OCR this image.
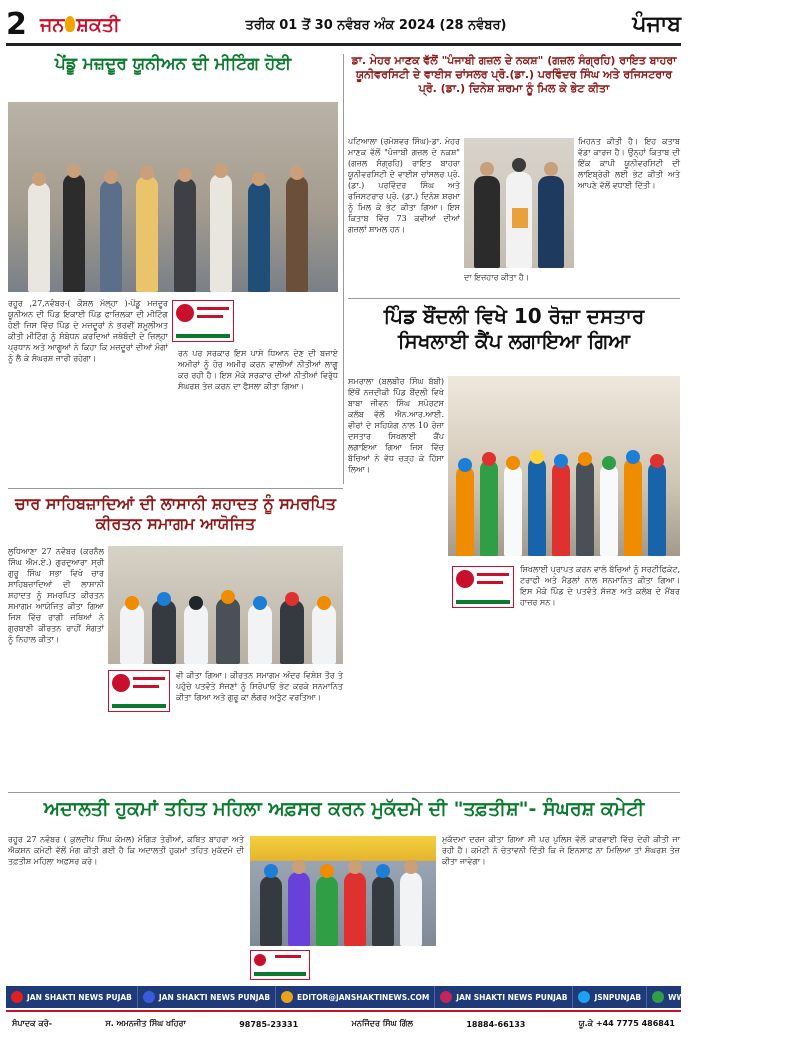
2 ਜਨ ਸ਼ਕਤੀ	ਤਰੀਕ 01 ਤੋਂ 30 ਨਵੰਬਰ ਅੰਕ 2024 (28 ਨਵੰਬਰ)	ਪੰਜਾਬ
ਪੇਂਡੂ ਮਜ਼ਦੂਰ ਯੂਨੀਅਨ ਦੀ ਮੀਟਿੰਗ ਹੋਈ
ਰਹੂਰ ,27,ਨਵੰਬਰ-( ਕੌਸ਼ਲ ਮੱਲ੍ਹਾ )-ਪੇਂਡੂ ਮਜ਼ਦੂਰ ਯੂਨੀਅਨ ਦੀ ਪਿੰਡ ਇਕਾਈ ਪਿੰਡ ਫਾਜ਼ਿਲਕਾ ਦੀ ਮੀਟਿੰਗ ਹੋਈ ਜਿਸ ਵਿੱਚ ਪਿੰਡ ਦੇ ਮਜ਼ਦੂਰਾਂ ਨੇ ਭਰਵੀਂ ਸ਼ਮੂਲੀਅਤ ਕੀਤੀ ਮੀਟਿੰਗ ਨੂੰ ਸੰਬੋਧਨ ਕਰਦਿਆਂ ਜਥੇਬੰਦੀ ਦੇ ਜ਼ਿਲ੍ਹਾ ਪ੍ਰਧਾਨ ਅਤੇ ਆਗੂਆਂ ਨੇ ਕਿਹਾ ਕਿ ਮਜ਼ਦੂਰਾਂ ਦੀਆਂ ਮੰਗਾਂ ਨੂੰ ਲੈ ਕੇ ਸੰਘਰਸ਼ ਜਾਰੀ ਰਹੇਗਾ।
ਰਨ ਪਰ ਸਰਕਾਰ ਇਸ ਪਾਸੇ ਧਿਆਨ ਦੇਣ ਦੀ ਬਜਾਏ ਅਮੀਰਾਂ ਨੂੰ ਹੋਰ ਅਮੀਰ ਕਰਨ ਵਾਲੀਆਂ ਨੀਤੀਆਂ ਲਾਗੂ ਕਰ ਰਹੀ ਹੈ। ਇਸ ਮੌਕੇ ਸਰਕਾਰ ਦੀਆਂ ਨੀਤੀਆਂ ਵਿਰੁੱਧ ਸੰਘਰਸ਼ ਤੇਜ਼ ਕਰਨ ਦਾ ਫੈਸਲਾ ਕੀਤਾ ਗਿਆ।
ਡਾ. ਮੇਹਰ ਮਾਣਕ ਵੱਲੋਂ "ਪੰਜਾਬੀ ਗਜ਼ਲ ਦੇ ਨਕਸ਼" (ਗਜ਼ਲ ਸੰਗ੍ਰਹਿ) ਰਾਇਤ ਬਾਹਰਾ ਯੂਨੀਵਰਸਿਟੀ ਦੇ ਵਾਈਸ ਚਾਂਸਲਰ ਪ੍ਰੋ.(ਡਾ.) ਪਰਵਿੰਦਰ ਸਿੰਘ ਅਤੇ ਰਜਿਸਟਰਾਰ ਪ੍ਰੋ. (ਡਾ.) ਦਿਨੇਸ਼ ਸ਼ਰਮਾ ਨੂੰ ਮਿਲ ਕੇ ਭੇਟ ਕੀਤਾ
ਪਟਿਆਲਾ (ਰਮੇਸ਼ਵਰ ਸਿੰਘ)-ਡਾ. ਮੇਹਰ ਮਾਣਕ ਵੱਲੋਂ "ਪੰਜਾਬੀ ਗਜ਼ਲ ਦੇ ਨਕਸ਼" (ਗਜ਼ਲ ਸੰਗ੍ਰਹਿ) ਰਾਇਤ ਬਾਹਰਾ ਯੂਨੀਵਰਸਿਟੀ ਦੇ ਵਾਈਸ ਚਾਂਸਲਰ ਪ੍ਰੋ.(ਡਾ.) ਪਰਵਿੰਦਰ ਸਿੰਘ ਅਤੇ ਰਜਿਸਟਰਾਰ ਪ੍ਰੋ. (ਡਾ.) ਦਿਨੇਸ਼ ਸ਼ਰਮਾ ਨੂੰ ਮਿਲ ਕੇ ਭੇਟ ਕੀਤਾ ਗਿਆ। ਇਸ ਕਿਤਾਬ ਵਿੱਚ 73 ਕਵੀਆਂ ਦੀਆਂ ਗਜ਼ਲਾਂ ਸ਼ਾਮਲ ਹਨ।
ਦਾ ਇਜ਼ਹਾਰ ਕੀਤਾ ਹੈ।
ਮਿਹਨਤ ਕੀਤੀ ਹੈ। ਇਹ ਕਤਾਬ ਵੱਡਾ ਕਾਰਜ ਹੈ। ਉਨ੍ਹਾਂ ਕਿਤਾਬ ਦੀ ਇੱਕ ਕਾਪੀ ਯੂਨੀਵਰਸਿਟੀ ਦੀ ਲਾਇਬ੍ਰੇਰੀ ਲਈ ਭੇਟ ਕੀਤੀ ਅਤੇ ਆਪਣੇ ਵੱਲੋਂ ਵਧਾਈ ਦਿੱਤੀ।
ਪਿੰਡ ਬੌਂਦਲੀ ਵਿਖੇ 10 ਰੋਜ਼ਾ ਦਸਤਾਰ ਸਿਖਲਾਈ ਕੈਂਪ ਲਗਾਇਆ ਗਿਆ
ਸਮਰਾਲਾ (ਬਲਬੀਰ ਸਿੰਘ ਬੱਬੀ) ਇੱਥੋਂ ਨਜ਼ਦੀਕੀ ਪਿੰਡ ਬੌਂਦਲੀ ਵਿਖੇ ਬਾਬਾ ਜੀਵਨ ਸਿੰਘ ਸਪੋਰਟਸ ਕਲੱਬ ਵੱਲੋਂ ਐਨ.ਆਰ.ਆਈ. ਵੀਰਾਂ ਦੇ ਸਹਿਯੋਗ ਨਾਲ 10 ਰੋਜ਼ਾ ਦਸਤਾਰ ਸਿਖਲਾਈ ਕੈਂਪ ਲਗਾਇਆ ਗਿਆ ਜਿਸ ਵਿੱਚ ਬੱਚਿਆਂ ਨੇ ਵੱਧ ਚੜ੍ਹ ਕੇ ਹਿੱਸਾ ਲਿਆ।
ਸਿਖਲਾਈ ਪ੍ਰਾਪਤ ਕਰਨ ਵਾਲੇ ਬੱਚਿਆਂ ਨੂੰ ਸਰਟੀਫਿਕੇਟ, ਟਰਾਫੀ ਅਤੇ ਮੈਡਲਾਂ ਨਾਲ ਸਨਮਾਨਿਤ ਕੀਤਾ ਗਿਆ। ਇਸ ਮੌਕੇ ਪਿੰਡ ਦੇ ਪਤਵੰਤੇ ਸੱਜਣ ਅਤੇ ਕਲੱਬ ਦੇ ਮੈਂਬਰ ਹਾਜ਼ਰ ਸਨ।
ਚਾਰ ਸਾਹਿਬਜ਼ਾਦਿਆਂ ਦੀ ਲਾਸਾਨੀ ਸ਼ਹਾਦਤ ਨੂੰ ਸਮਰਪਿਤ ਕੀਰਤਨ ਸਮਾਗਮ ਆਯੋਜਿਤ
ਲੁਧਿਆਣਾ 27 ਨਵੰਬਰ (ਕਰਨੈਲ ਸਿੰਘ ਐਮ.ਏ.) ਗੁਰਦੁਆਰਾ ਸ੍ਰੀ ਗੁਰੂ ਸਿੰਘ ਸਭਾ ਵਿਖੇ ਚਾਰ ਸਾਹਿਬਜ਼ਾਦਿਆਂ ਦੀ ਲਾਸਾਨੀ ਸ਼ਹਾਦਤ ਨੂੰ ਸਮਰਪਿਤ ਕੀਰਤਨ ਸਮਾਗਮ ਆਯੋਜਿਤ ਕੀਤਾ ਗਿਆ ਜਿਸ ਵਿੱਚ ਰਾਗੀ ਜਥਿਆਂ ਨੇ ਗੁਰਬਾਣੀ ਕੀਰਤਨ ਰਾਹੀਂ ਸੰਗਤਾਂ ਨੂੰ ਨਿਹਾਲ ਕੀਤਾ।
ਵੀ ਕੀਤਾ ਗਿਆ। ਕੀਰਤਨ ਸਮਾਗਮ ਅੰਦਰ ਵਿਸ਼ੇਸ਼ ਤੌਰ ਤੇ ਪਹੁੰਚੇ ਪਤਵੰਤੇ ਸੱਜਣਾਂ ਨੂੰ ਸਿਰੋਪਾਓ ਭੇਟ ਕਰਕੇ ਸਨਮਾਨਿਤ ਕੀਤਾ ਗਿਆ ਅਤੇ ਗੁਰੂ ਕਾ ਲੰਗਰ ਅਤੁੱਟ ਵਰਤਿਆ।
ਅਦਾਲਤੀ ਹੁਕਮਾਂ ਤਹਿਤ ਮਹਿਲਾ ਅਫ਼ਸਰ ਕਰਨ ਮੁਕੱਦਮੇ ਦੀ "ਤਫ਼ਤੀਸ਼"- ਸੰਘਰਸ਼ ਕਮੇਟੀ
ਰਹੂਰ 27 ਨਵੰਬਰ ( ਕੁਲਦੀਪ ਸਿੰਘ ਕੋਮਲ) ਮੋਗਿੜ ਤੇਰੀਆਂ, ਕਬਿਤ ਬਾਹਰਾ ਅਤੇ ਐਕਸ਼ਨ ਕਮੇਟੀ ਵੱਲੋਂ ਮੰਗ ਕੀਤੀ ਗਈ ਹੈ ਕਿ ਅਦਾਲਤੀ ਹੁਕਮਾਂ ਤਹਿਤ ਮੁਕੱਦਮੇ ਦੀ ਤਫ਼ਤੀਸ਼ ਮਹਿਲਾ ਅਫ਼ਸਰ ਕਰੇ।
ਮੁਕੱਦਮਾ ਦਰਜ ਕੀਤਾ ਗਿਆ ਸੀ ਪਰ ਪੁਲਿਸ ਵੱਲੋਂ ਕਾਰਵਾਈ ਵਿੱਚ ਦੇਰੀ ਕੀਤੀ ਜਾ ਰਹੀ ਹੈ। ਕਮੇਟੀ ਨੇ ਚੇਤਾਵਨੀ ਦਿੱਤੀ ਕਿ ਜੇ ਇਨਸਾਫ਼ ਨਾ ਮਿਲਿਆ ਤਾਂ ਸੰਘਰਸ਼ ਤੇਜ਼ ਕੀਤਾ ਜਾਵੇਗਾ।
JAN SHAKTI NEWS PUJAB	JAN SHAKTI NEWS PUNJAB	EDITOR@JANSHAKTINEWS.COM	JAN SHAKTI NEWS PUNJAB	JSNPUNJAB	WWW.JANSHAKTINEWS.COM
ਸੰਪਾਦਕ ਕਰੋ-	ਸ. ਅਮਨਜੀਤ ਸਿੰਘ ਖਹਿਰਾ	98785-23331	ਮਨਜਿੰਦਰ ਸਿੰਘ ਗਿੱਲ	18884-66133	ਯੂ.ਕੇ +44 7775 486841
